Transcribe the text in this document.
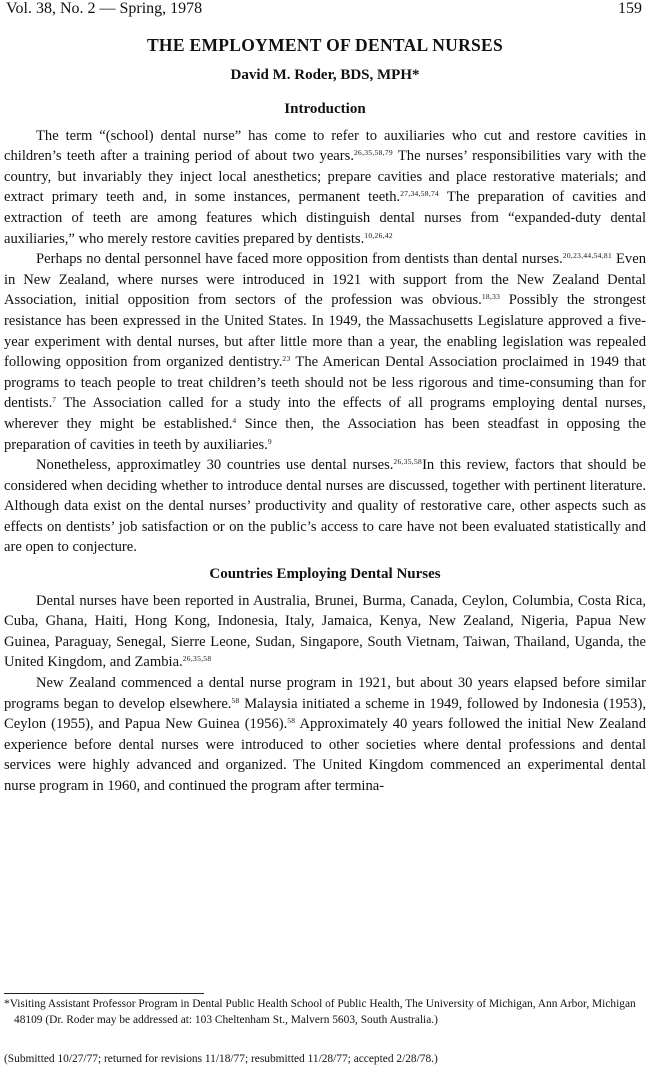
Vol. 38, No. 2 — Spring, 1978	159
THE EMPLOYMENT OF DENTAL NURSES
David M. Roder, BDS, MPH*
Introduction

The term “(school) dental nurse” has come to refer to auxiliaries who cut and restore cavities in children’s teeth after a training period of about two years.$^{26,35,58,79}$ The nurses’ responsibilities vary with the country, but invariably they inject local anesthetics; prepare cavities and place restorative materials; and extract primary teeth and, in some instances, permanent teeth.$^{27,34,58,74}$ The preparation of cavities and extraction of teeth are among features which distinguish dental nurses from “expanded-duty dental auxiliaries,” who merely restore cavities prepared by dentists.$^{10,26,42}$

Perhaps no dental personnel have faced more opposition from dentists than dental nurses.$^{20,23,44,54,81}$ Even in New Zealand, where nurses were introduced in 1921 with support from the New Zealand Dental Association, initial opposition from sectors of the profession was obvious.$^{18,33}$ Possibly the strongest resistance has been expressed in the United States. In 1949, the Massachusetts Legislature approved a five-year experiment with dental nurses, but after little more than a year, the enabling legislation was repealed following opposition from organized dentistry.$^{23}$ The American Dental Association proclaimed in 1949 that programs to teach people to treat children’s teeth should not be less rigorous and time-consuming than for dentists.$^7$ The Association called for a study into the effects of all programs employing dental nurses, wherever they might be established.$^4$ Since then, the Association has been steadfast in opposing the preparation of cavities in teeth by auxiliaries.$^9$

Nonetheless, approximatley 30 countries use dental nurses.$^{26,35,58}$In this review, factors that should be considered when deciding whether to introduce dental nurses are discussed, together with pertinent literature. Although data exist on the dental nurses’ productivity and quality of restorative care, other aspects such as effects on dentists’ job satisfaction or on the public’s access to care have not been evaluated statistically and are open to conjecture.

Countries Employing Dental Nurses

Dental nurses have been reported in Australia, Brunei, Burma, Canada, Ceylon, Columbia, Costa Rica, Cuba, Ghana, Haiti, Hong Kong, Indonesia, Italy, Jamaica, Kenya, New Zealand, Nigeria, Papua New Guinea, Paraguay, Senegal, Sierre Leone, Sudan, Singapore, South Vietnam, Taiwan, Thailand, Uganda, the United Kingdom, and Zambia.$^{26,35,58}$

New Zealand commenced a dental nurse program in 1921, but about 30 years elapsed before similar programs began to develop elsewhere.$^{58}$ Malaysia initiated a scheme in 1949, followed by Indonesia (1953), Ceylon (1955), and Papua New Guinea (1956).$^{58}$ Approximately 40 years followed the initial New Zealand experience before dental nurses were introduced to other societies where dental professions and dental services were highly advanced and organized. The United Kingdom commenced an experimental dental nurse program in 1960, and continued the program after termina-

*Visiting Assistant Professor Program in Dental Public Health School of Public Health, The University of Michigan, Ann Arbor, Michigan 48109 (Dr. Roder may be addressed at: 103 Cheltenham St., Malvern 5603, South Australia.)
(Submitted 10/27/77; returned for revisions 11/18/77; resubmitted 11/28/77; accepted 2/28/78.)
